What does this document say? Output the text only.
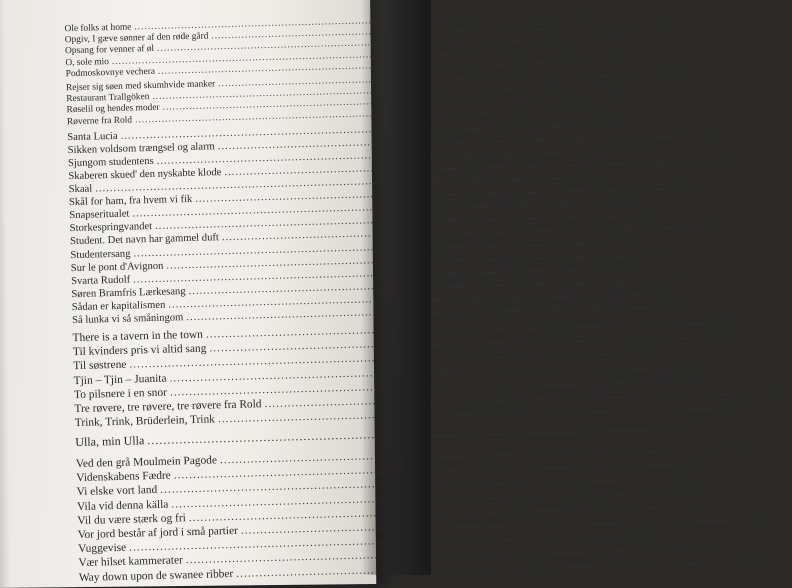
Ole folks at home
.....
90
Opgiv, I gæve sønner af den røde gård
.....
92
Opsang for venner af øl
.....
94
O, sole mio
.....
95
Podmoskovnye vechera
.....
68
Rejser sig søen med skumhvide manker
.....
96
Restaurant Trallgöken
.....
94
Røselil og hendes moder
.....
97
Røverne fra Rold
.....
98
Santa Lucia
.....
100
Sikken voldsom trængsel og alarm
.....
102
Sjungom studentens
.....
101
Skaberen skued' den nyskabte klode
.....
124
Skaal
.....
104
Skål for ham, fra hvem vi fik
.....
106
Snapseritualet
.....
108
Storkespringvandet
.....
138
Student. Det navn har gammel duft
.....
112
Studentersang
.....
112
Sur le pont d'Avignon
.....
114
Svarta Rudolf
.....
115
Søren Bramfris Lærkesang
.....
116
Sådan er kapitalismen
.....
118
Så lunka vi så småningom
.....
120
There is a tavern in the town
.....
121
Til kvinders pris vi altid sang
.....
122
Til søstrene
.....
124
Tjin – Tjin – Juanita
.....
126
To pilsnere i en snor
.....
128
Tre røvere, tre røvere, tre røvere fra Rold
.....
98
Trink, Trink, Brüderlein, Trink
.....
127
Ulla, min Ulla
.....
130
Ved den grå Moulmein Pagode
.....
72
Videnskabens Fædre
.....
132
Vi elske vort land
.....
76
Vila vid denna källa
.....
136
Vil du være stærk og fri
.....
135
Vor jord består af jord i små partier
.....
82
Vuggevise
.....
138
Vær hilset kammerater
.....
140
Way down upon de swanee ribber
.....
90
